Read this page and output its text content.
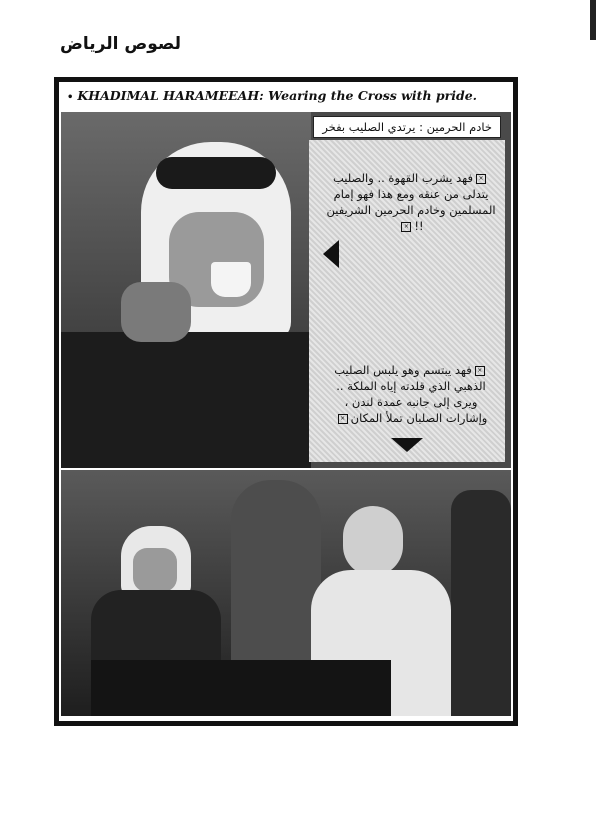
لصوص الرياض
• KHADIMAL HARAMEEAH: Wearing the Cross with pride.
خادم الحرمين : يرتدي الصليب بفخر
×فهد يشرب القهوة .. والصليب يتدلى من عنقه ومع هذا فهو إمام المسلمين وخادم الحرمين الشريفين !!×
×فهد يبتسم وهو يلبس الصليب الذهبي الذي قلدته إياه الملكة .. ويرى إلى جانبه عمدة لندن ، وإشارات الصلبان تملأ المكان×
